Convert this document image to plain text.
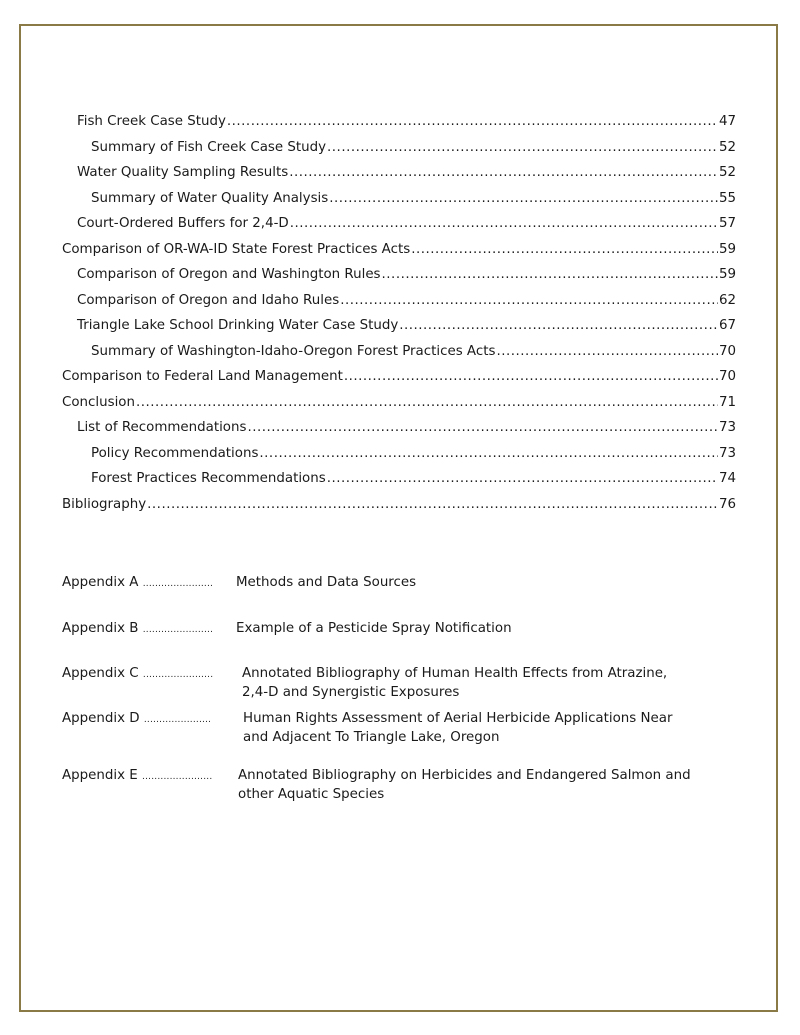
Fish Creek Case Study .....	47
Summary of Fish Creek Case Study .....	52
Water Quality Sampling Results .....	52
Summary of Water Quality Analysis .....	55
Court-Ordered Buffers for 2,4-D .....	57
Comparison of OR-WA-ID State Forest Practices Acts .....	59
Comparison of Oregon and Washington Rules .....	59
Comparison of Oregon and Idaho Rules .....	62
Triangle Lake School Drinking Water Case Study .....	67
Summary of Washington-Idaho-Oregon Forest Practices Acts .....	70
Comparison to Federal Land Management .....	70
Conclusion .....	71
List of Recommendations .....	73
Policy Recommendations .....	73
Forest Practices Recommendations .....	74
Bibliography .....	76
Appendix A ....................... Methods and Data Sources
Appendix B ....................... Example of a Pesticide Spray Notification
Appendix C ....................... Annotated Bibliography of Human Health Effects from Atrazine,
2,4-D and Synergistic Exposures
Appendix D ...................... Human Rights Assessment of Aerial Herbicide Applications Near
and Adjacent To Triangle Lake, Oregon
Appendix E ....................... Annotated Bibliography on Herbicides and Endangered Salmon and
other Aquatic Species
